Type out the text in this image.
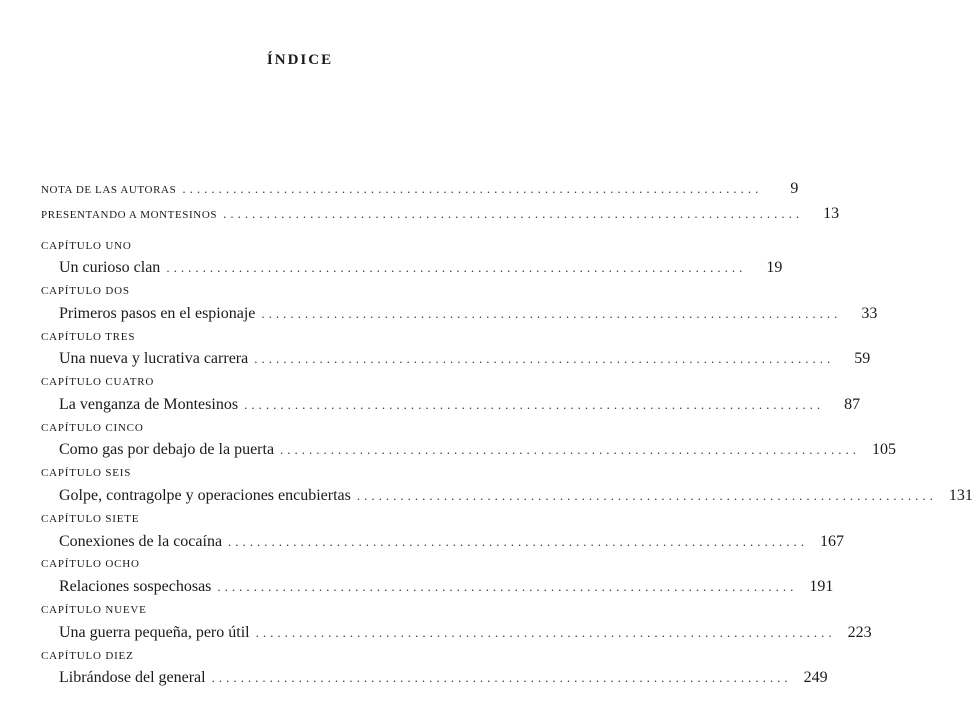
ÍNDICE
NOTA DE LAS AUTORAS ................................................................................	9
PRESENTANDO A MONTESINOS ................................................................................	13
CAPÍTULO UNO
Un curioso clan ................................................................................	19
CAPÍTULO DOS
Primeros pasos en el espionaje ................................................................................	33
CAPÍTULO TRES
Una nueva y lucrativa carrera ................................................................................	59
CAPÍTULO CUATRO
La venganza de Montesinos ................................................................................	87
CAPÍTULO CINCO
Como gas por debajo de la puerta ................................................................................ 105
CAPÍTULO SEIS
Golpe, contragolpe y operaciones encubiertas ................................................................................ 131
CAPÍTULO SIETE
Conexiones de la cocaína ................................................................................ 167
CAPÍTULO OCHO
Relaciones sospechosas ................................................................................ 191
CAPÍTULO NUEVE
Una guerra pequeña, pero útil ................................................................................ 223
CAPÍTULO DIEZ
Librándose del general ................................................................................ 249
